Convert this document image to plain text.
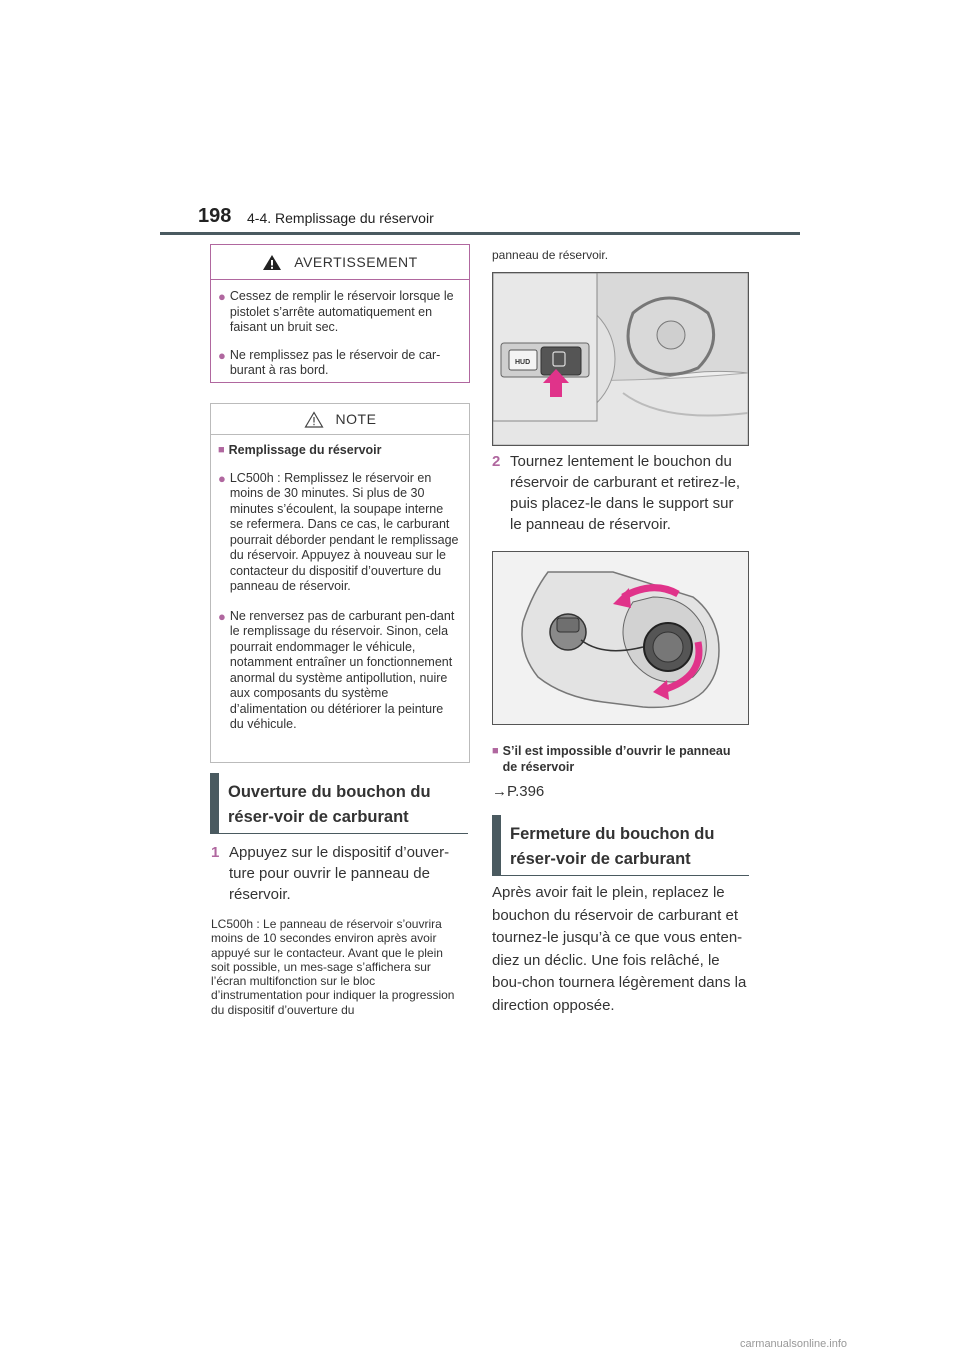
198 4-4. Remplissage du réservoir
AVERTISSEMENT
● Cessez de remplir le réservoir lorsque le pistolet s’arrête automatiquement en faisant un bruit sec.
● Ne remplissez pas le réservoir de car-burant à ras bord.
NOTE
■ Remplissage du réservoir
● LC500h : Remplissez le réservoir en moins de 30 minutes. Si plus de 30 minutes s’écoulent, la soupape interne se refermera. Dans ce cas, le carburant pourrait déborder pendant le remplissage du réservoir. Appuyez à nouveau sur le contacteur du dispositif d’ouverture du panneau de réservoir.
● Ne renversez pas de carburant pen-dant le remplissage du réservoir. Sinon, cela pourrait endommager le véhicule, notamment entraîner un fonctionnement anormal du système antipollution, nuire aux composants du système d’alimentation ou détériorer la peinture du véhicule.
Ouverture du bouchon du réser-voir de carburant
1 Appuyez sur le dispositif d’ouver-ture pour ouvrir le panneau de réservoir.
LC500h : Le panneau de réservoir s’ouvrira moins de 10 secondes environ après avoir appuyé sur le contacteur. Avant que le plein soit possible, un mes-sage s’affichera sur l’écran multifonction sur le bloc d’instrumentation pour indiquer la progression du dispositif d’ouverture du
panneau de réservoir.
HUD
2 Tournez lentement le bouchon du réservoir de carburant et retirez-le, puis placez-le dans le support sur le panneau de réservoir.
■ S’il est impossible d’ouvrir le panneau de réservoir
→P.396
Fermeture du bouchon du réser-voir de carburant
Après avoir fait le plein, replacez le bouchon du réservoir de carburant et tournez-le jusqu’à ce que vous enten-diez un déclic. Une fois relâché, le bou-chon tournera légèrement dans la direction opposée.
carmanualsonline.info
